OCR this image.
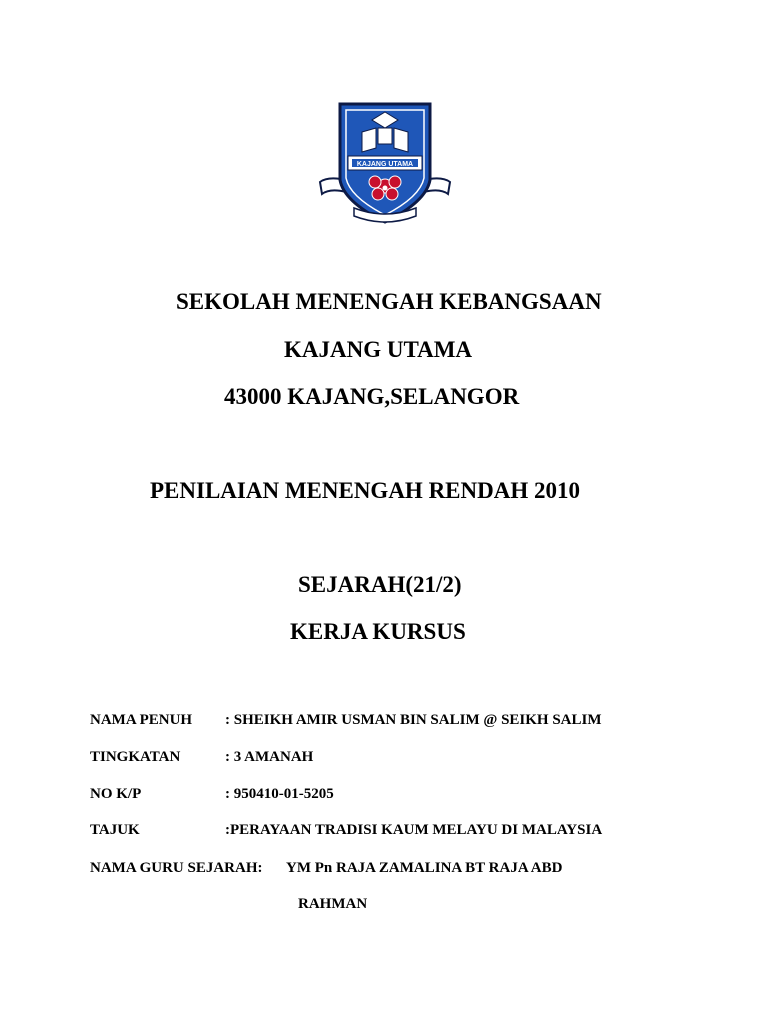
KAJANG UTAMA
SEKOLAH MENENGAH KEBANGSAAN
KAJANG UTAMA
43000 KAJANG,SELANGOR
PENILAIAN MENENGAH RENDAH 2010
SEJARAH(21/2)
KERJA KURSUS
NAMA PENUH : SHEIKH AMIR USMAN BIN SALIM @ SEIKH SALIM
TINGKATAN	: 3 AMANAH
NO K/P	: 950410-01-5205
TAJUK	:PERAYAAN TRADISI KAUM MELAYU DI MALAYSIA
NAMA GURU SEJARAH: YM Pn RAJA ZAMALINA BT RAJA ABD
RAHMAN
